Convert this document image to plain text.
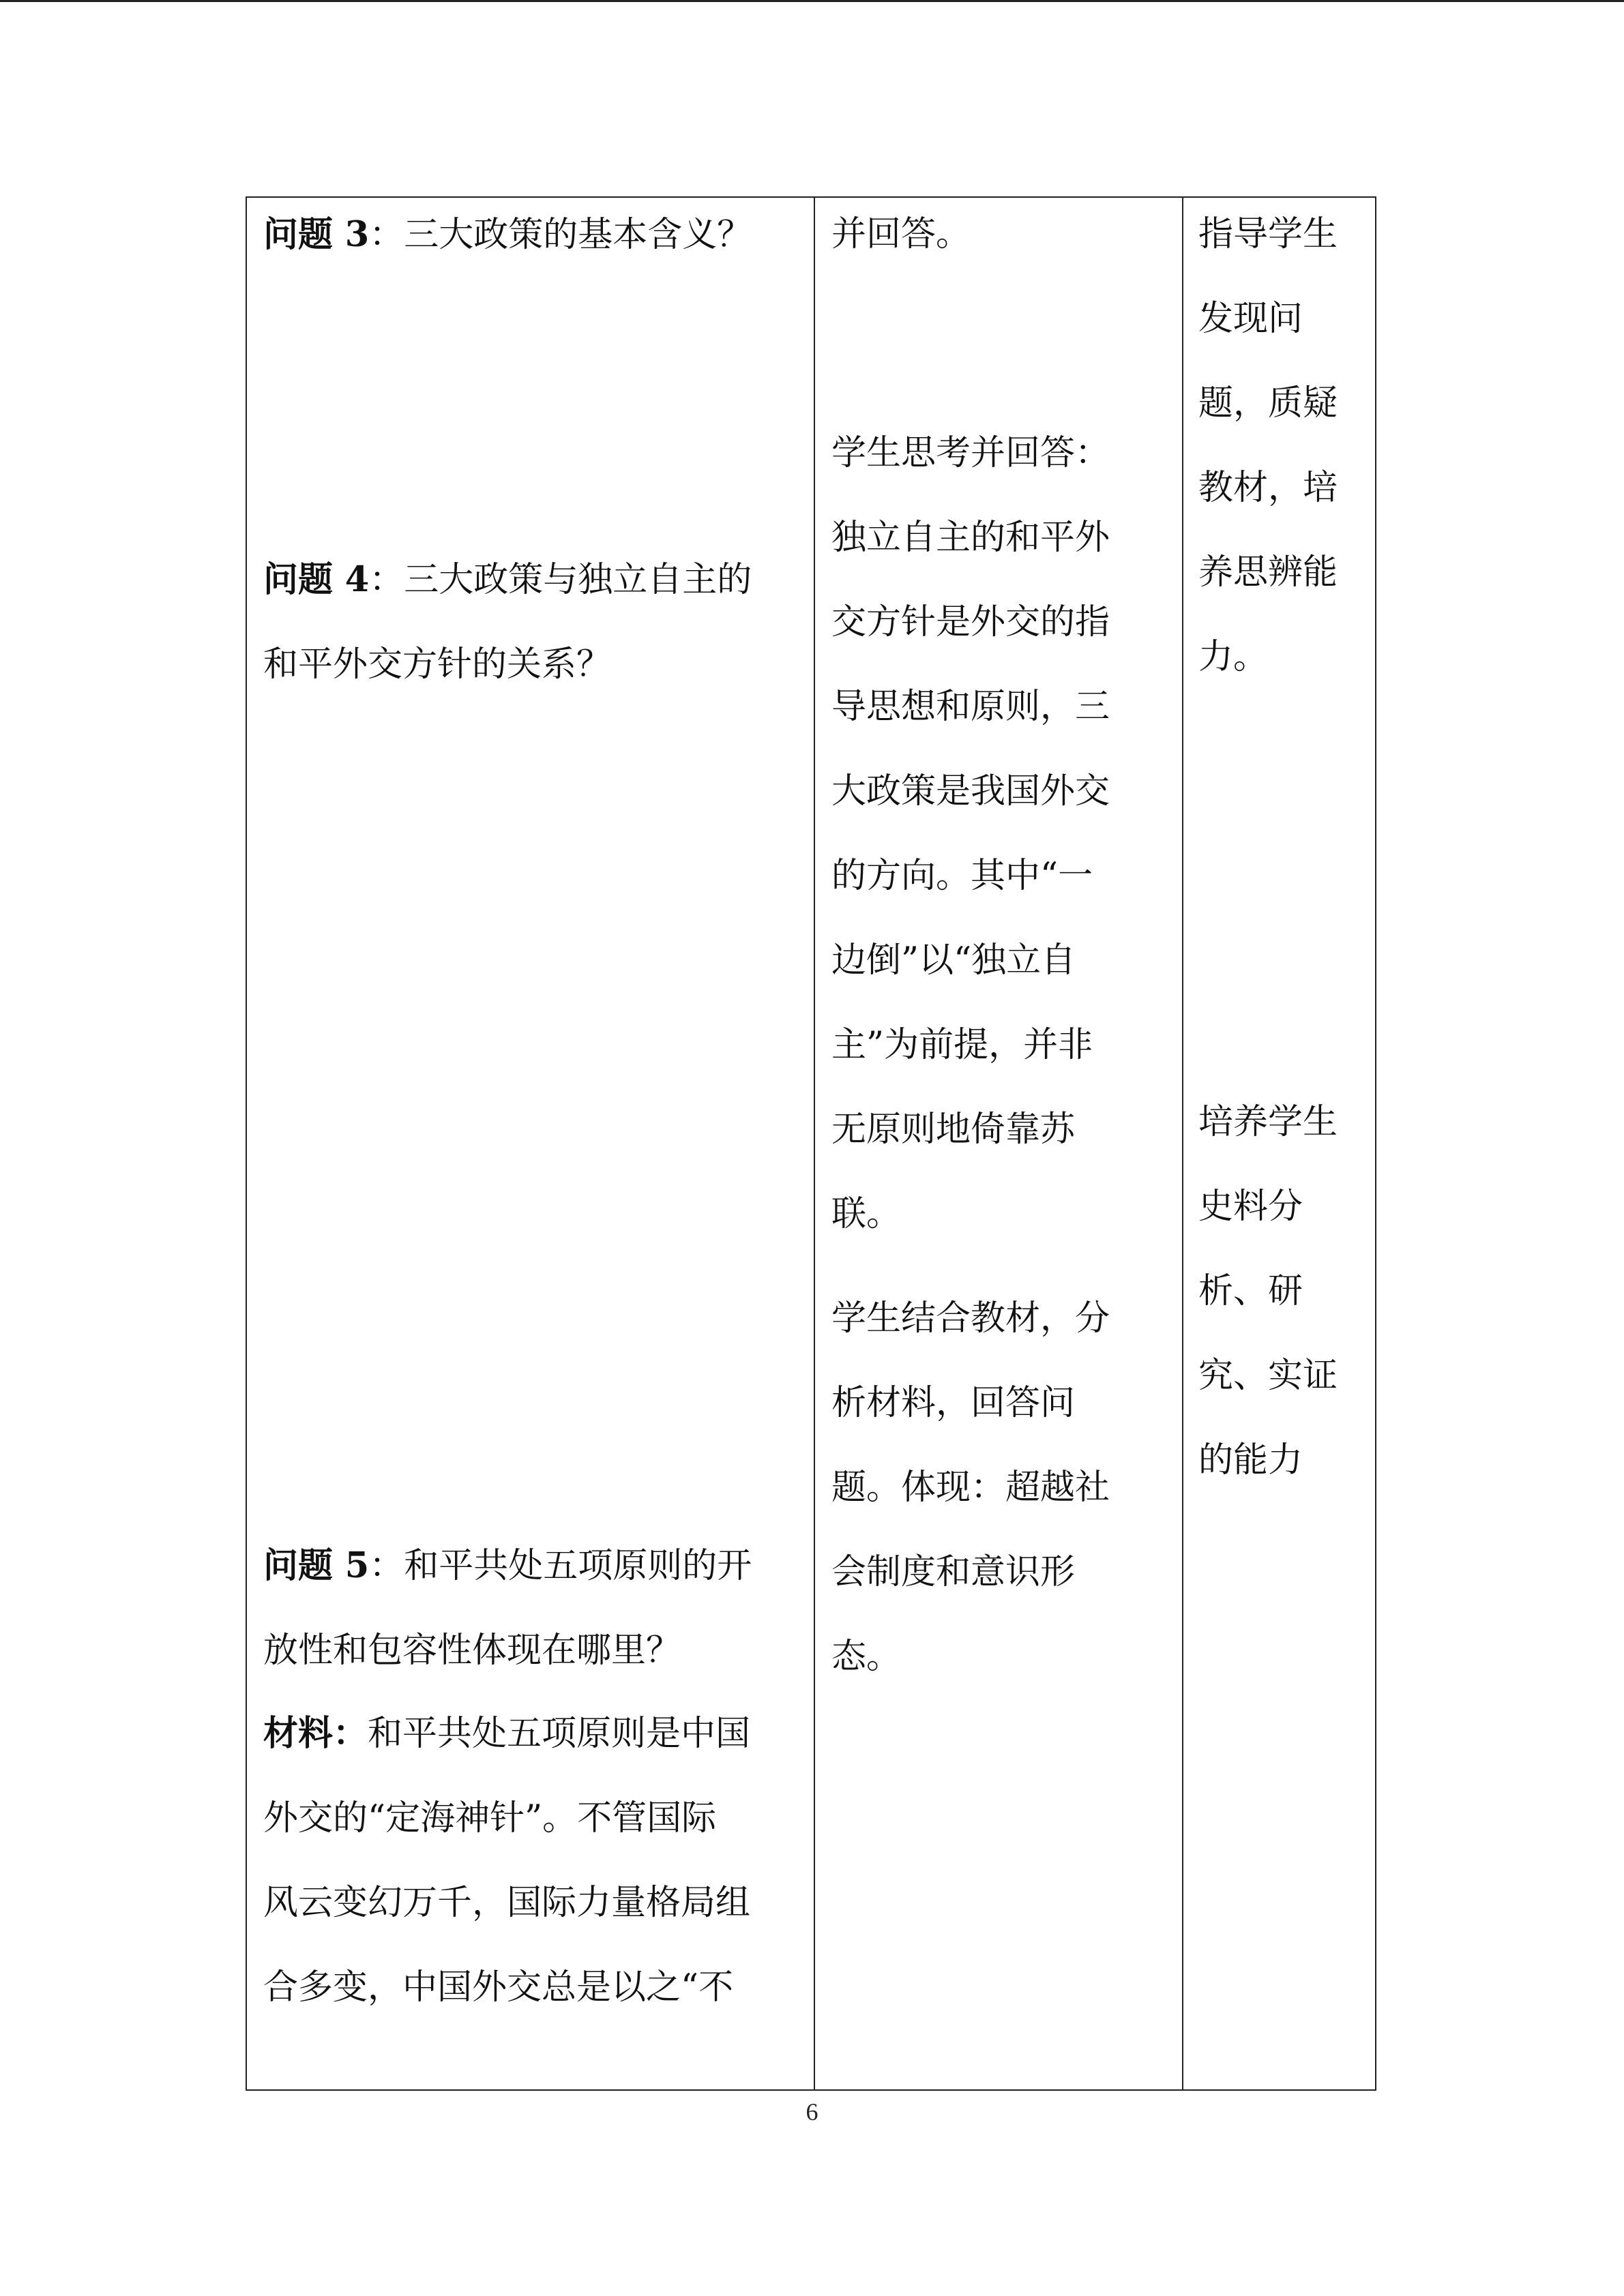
问题 3：三大政策的基本含义？

问题 4：三大政策与独立自主的
和平外交方针的关系？

问题 5：和平共处五项原则的开
放性和包容性体现在哪里？

材料：和平共处五项原则是中国
外交的“定海神针”。不管国际
风云变幻万千，国际力量格局组
合多变，中国外交总是以之“不

并回答。

学生思考并回答：
独立自主的和平外
交方针是外交的指
导思想和原则，三
大政策是我国外交
的方向。其中“一
边倒”以“独立自
主”为前提，并非
无原则地倚靠苏
联。

学生结合教材，分
析材料，回答问
题。体现：超越社
会制度和意识形
态。

指导学生
发现问
题，质疑
教材，培
养思辨能
力。

培养学生
史料分
析、研
究、实证
的能力

6
